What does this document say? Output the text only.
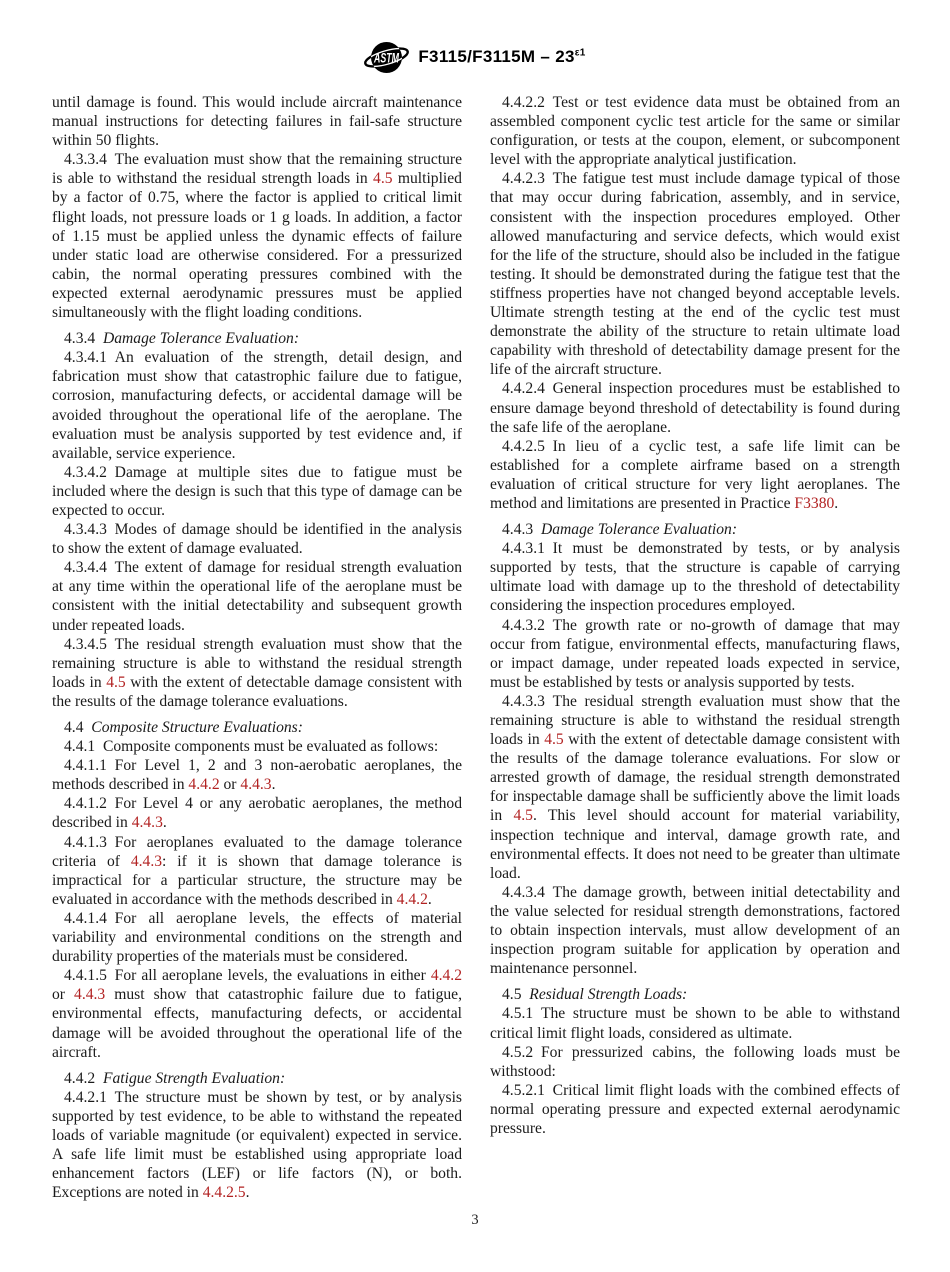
ASTM $F3115/F3115M - 23^{\varepsilon 1}$

until damage is found. This would include aircraft maintenance manual instructions for detecting failures in fail-safe structure within 50 flights.

4.3.3.4 The evaluation must show that the remaining structure is able to withstand the residual strength loads in 4.5 multiplied by a factor of 0.75, where the factor is applied to critical limit flight loads, not pressure loads or 1 g loads. In addition, a factor of 1.15 must be applied unless the dynamic effects of failure under static load are otherwise considered. For a pressurized cabin, the normal operating pressures combined with the expected external aerodynamic pressures must be applied simultaneously with the flight loading conditions.

4.3.4 Damage Tolerance Evaluation:

4.3.4.1 An evaluation of the strength, detail design, and fabrication must show that catastrophic failure due to fatigue, corrosion, manufacturing defects, or accidental damage will be avoided throughout the operational life of the aeroplane. The evaluation must be analysis supported by test evidence and, if available, service experience.

4.3.4.2 Damage at multiple sites due to fatigue must be included where the design is such that this type of damage can be expected to occur.

4.3.4.3 Modes of damage should be identified in the analysis to show the extent of damage evaluated.

4.3.4.4 The extent of damage for residual strength evaluation at any time within the operational life of the aeroplane must be consistent with the initial detectability and subsequent growth under repeated loads.

4.3.4.5 The residual strength evaluation must show that the remaining structure is able to withstand the residual strength loads in 4.5 with the extent of detectable damage consistent with the results of the damage tolerance evaluations.

4.4 Composite Structure Evaluations:

4.4.1 Composite components must be evaluated as follows:

4.4.1.1 For Level 1, 2 and 3 non-aerobatic aeroplanes, the methods described in 4.4.2 or 4.4.3.

4.4.1.2 For Level 4 or any aerobatic aeroplanes, the method described in 4.4.3.

4.4.1.3 For aeroplanes evaluated to the damage tolerance criteria of 4.4.3: if it is shown that damage tolerance is impractical for a particular structure, the structure may be evaluated in accordance with the methods described in 4.4.2.

4.4.1.4 For all aeroplane levels, the effects of material variability and environmental conditions on the strength and durability properties of the materials must be considered.

4.4.1.5 For all aeroplane levels, the evaluations in either 4.4.2 or 4.4.3 must show that catastrophic failure due to fatigue, environmental effects, manufacturing defects, or accidental damage will be avoided throughout the operational life of the aircraft.

4.4.2 Fatigue Strength Evaluation:

4.4.2.1 The structure must be shown by test, or by analysis supported by test evidence, to be able to withstand the repeated loads of variable magnitude (or equivalent) expected in service. A safe life limit must be established using appropriate load enhancement factors (LEF) or life factors (N), or both. Exceptions are noted in 4.4.2.5.

4.4.2.2 Test or test evidence data must be obtained from an assembled component cyclic test article for the same or similar configuration, or tests at the coupon, element, or subcomponent level with the appropriate analytical justification.

4.4.2.3 The fatigue test must include damage typical of those that may occur during fabrication, assembly, and in service, consistent with the inspection procedures employed. Other allowed manufacturing and service defects, which would exist for the life of the structure, should also be included in the fatigue testing. It should be demonstrated during the fatigue test that the stiffness properties have not changed beyond acceptable levels. Ultimate strength testing at the end of the cyclic test must demonstrate the ability of the structure to retain ultimate load capability with threshold of detectability damage present for the life of the aircraft structure.

4.4.2.4 General inspection procedures must be established to ensure damage beyond threshold of detectability is found during the safe life of the aeroplane.

4.4.2.5 In lieu of a cyclic test, a safe life limit can be established for a complete airframe based on a strength evaluation of critical structure for very light aeroplanes. The method and limitations are presented in Practice F3380.

4.4.3 Damage Tolerance Evaluation:

4.4.3.1 It must be demonstrated by tests, or by analysis supported by tests, that the structure is capable of carrying ultimate load with damage up to the threshold of detectability considering the inspection procedures employed.

4.4.3.2 The growth rate or no-growth of damage that may occur from fatigue, environmental effects, manufacturing flaws, or impact damage, under repeated loads expected in service, must be established by tests or analysis supported by tests.

4.4.3.3 The residual strength evaluation must show that the remaining structure is able to withstand the residual strength loads in 4.5 with the extent of detectable damage consistent with the results of the damage tolerance evaluations. For slow or arrested growth of damage, the residual strength demonstrated for inspectable damage shall be sufficiently above the limit loads in 4.5. This level should account for material variability, inspection technique and interval, damage growth rate, and environmental effects. It does not need to be greater than ultimate load.

4.4.3.4 The damage growth, between initial detectability and the value selected for residual strength demonstrations, factored to obtain inspection intervals, must allow development of an inspection program suitable for application by operation and maintenance personnel.

4.5 Residual Strength Loads:

4.5.1 The structure must be shown to be able to withstand critical limit flight loads, considered as ultimate.

4.5.2 For pressurized cabins, the following loads must be withstood:

4.5.2.1 Critical limit flight loads with the combined effects of normal operating pressure and expected external aerodynamic pressure.

3
